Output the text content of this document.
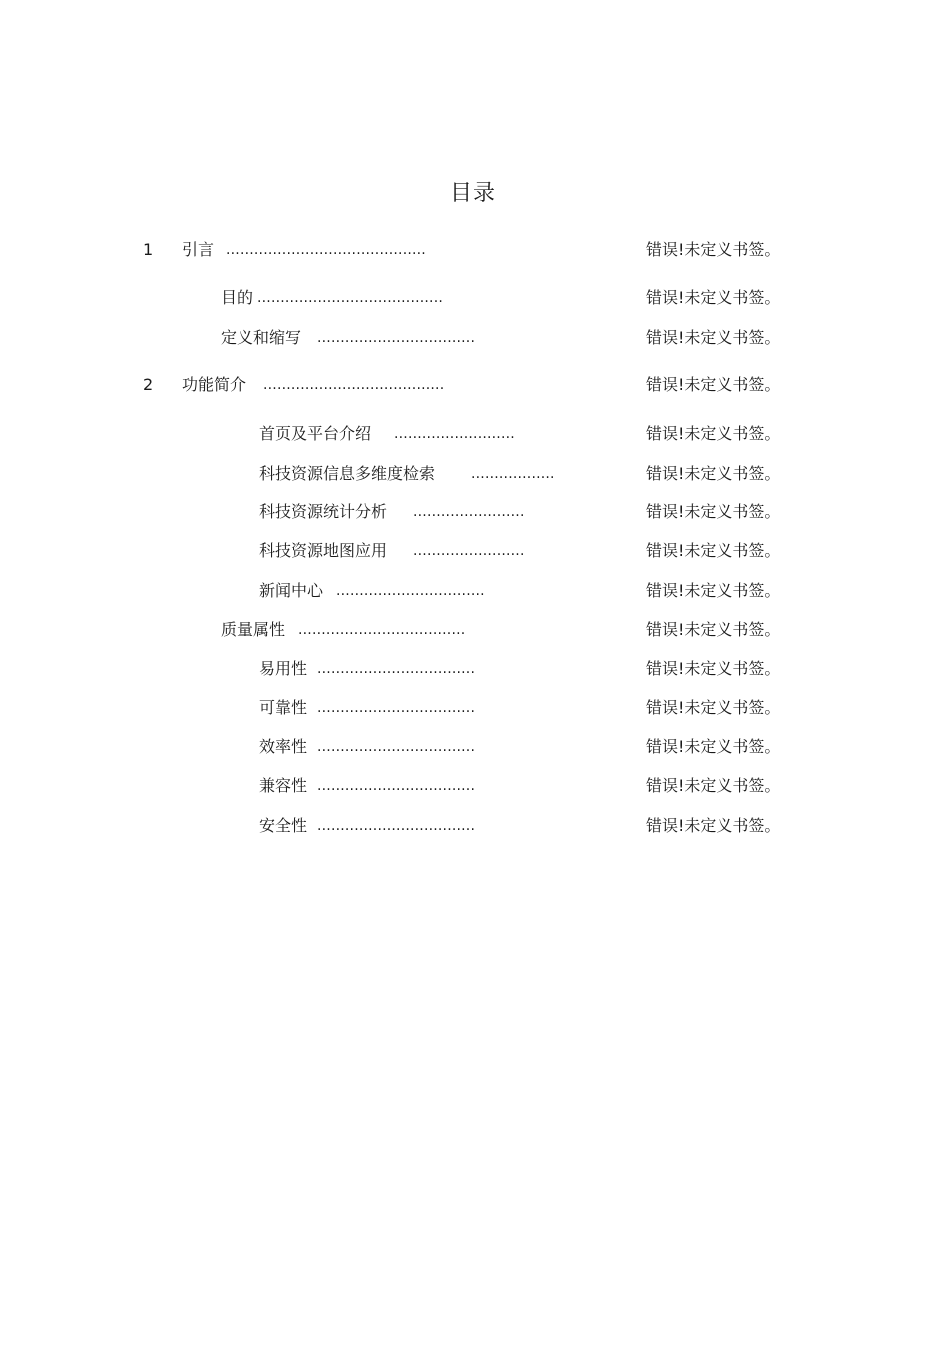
目录
1 引言 ...........................................	错误!未定义书签。
目的 ........................................	错误!未定义书签。
定义和缩写 ..................................	错误!未定义书签。
2 功能简介 .......................................	错误!未定义书签。
首页及平台介绍 ..........................	错误!未定义书签。
科技资源信息多维度检索	..................	错误!未定义书签。
科技资源统计分析 ........................	错误!未定义书签。
科技资源地图应用 ........................	错误!未定义书签。
新闻中心 ................................	错误!未定义书签。
质量属性 ....................................	错误!未定义书签。
易用性 ..................................	错误!未定义书签。
可靠性 ..................................	错误!未定义书签。
效率性 ..................................	错误!未定义书签。
兼容性 ..................................	错误!未定义书签。
安全性 ..................................	错误!未定义书签。
